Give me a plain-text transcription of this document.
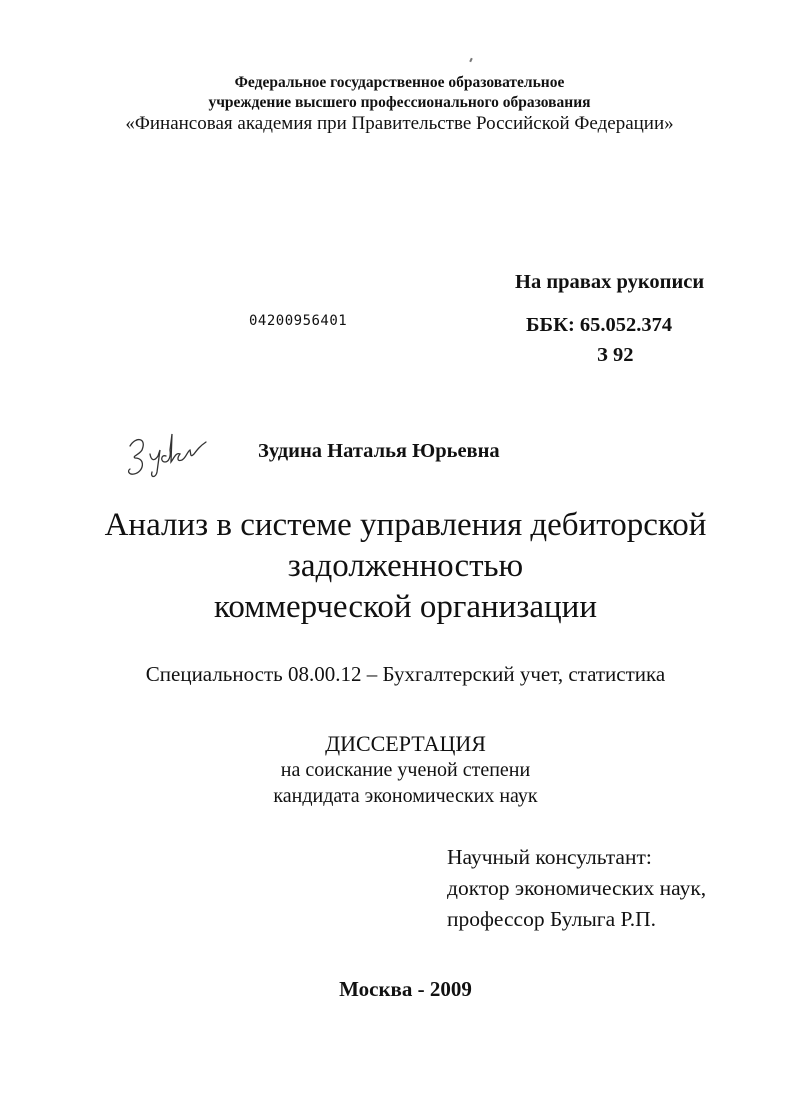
Федеральное государственное образовательное
учреждение высшего профессионального образования
«Финансовая академия при Правительстве Российской Федерации»
На правах рукописи
04200956401	ББК: 65.052.374
З 92
Зудина Наталья Юрьевна
Анализ в системе управления дебиторской
задолженностью
коммерческой организации
Специальность 08.00.12 – Бухгалтерский учет, статистика
ДИССЕРТАЦИЯ
на соискание ученой степени
кандидата экономических наук
Научный консультант:
доктор экономических наук,
профессор Булыга Р.П.
Москва - 2009
